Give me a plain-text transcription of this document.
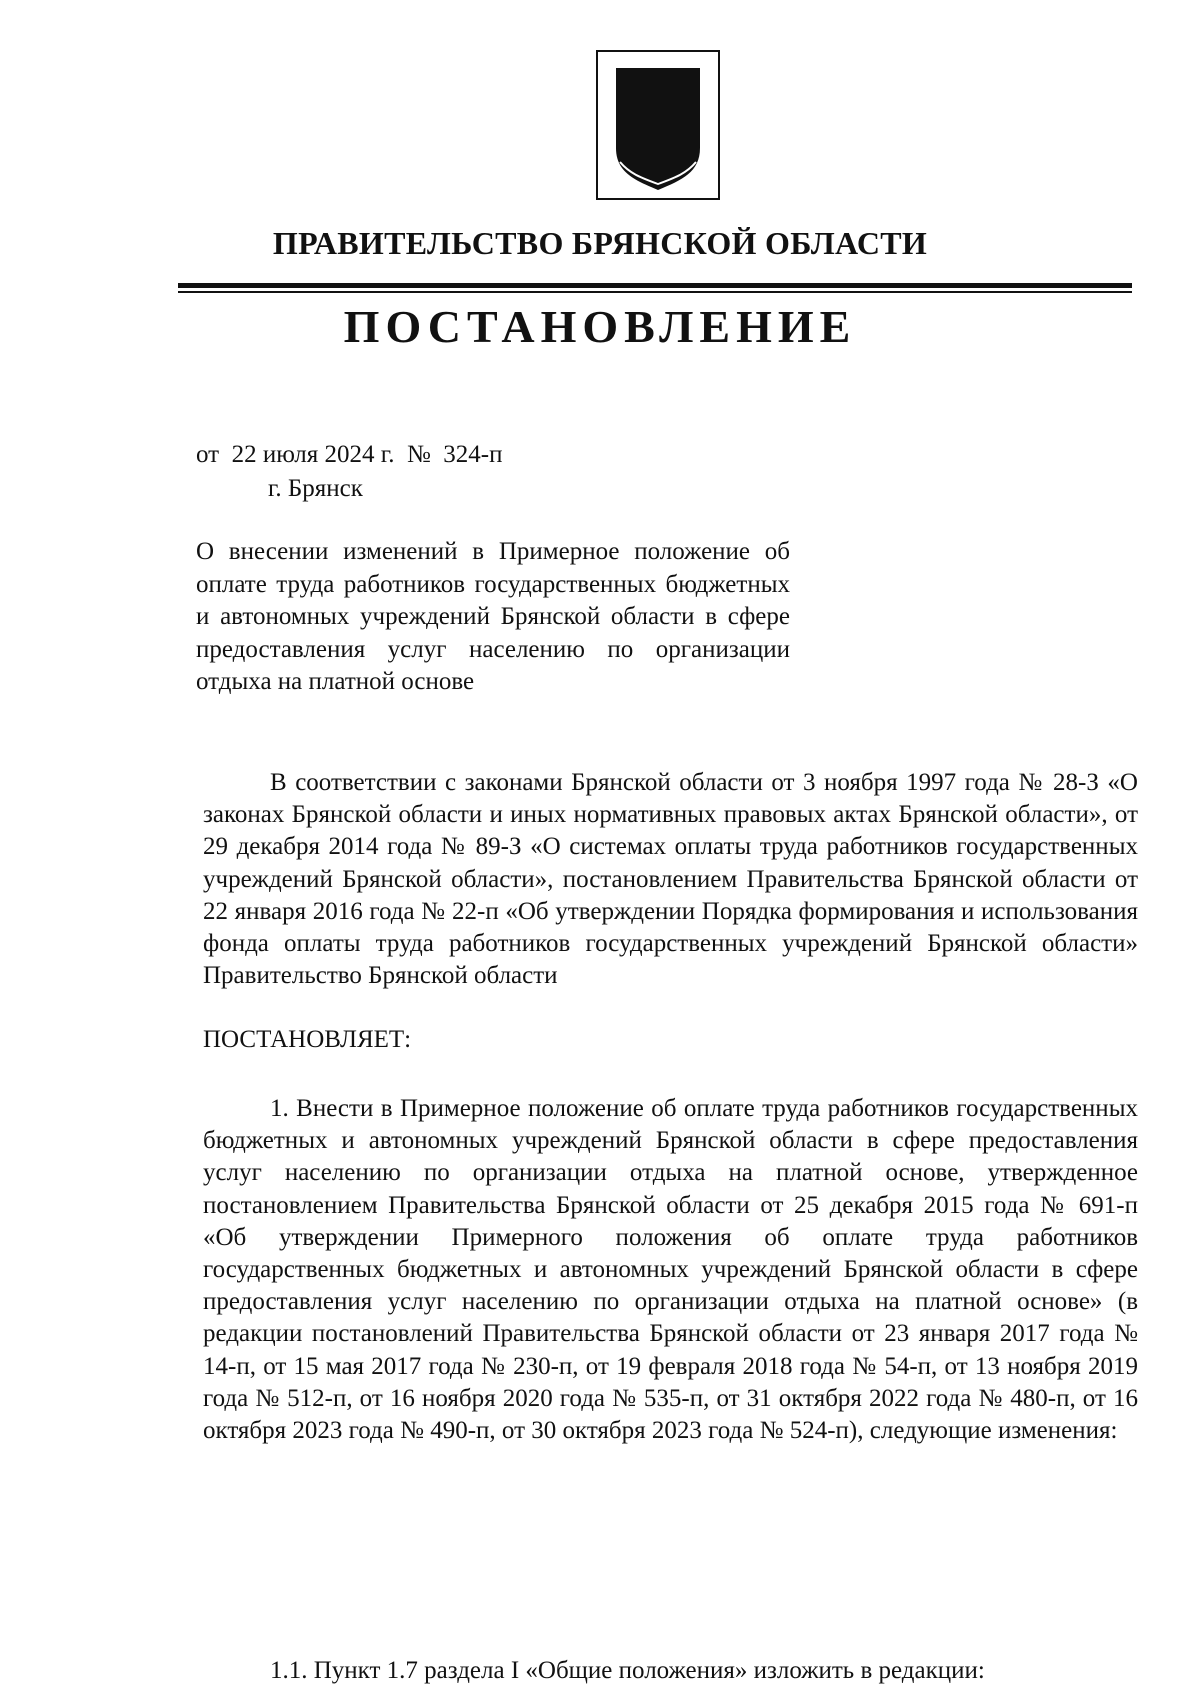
ПРАВИТЕЛЬСТВО БРЯНСКОЙ ОБЛАСТИ
ПОСТАНОВЛЕНИЕ
от  22 июля 2024 г.  №  324-п
г. Брянск
О внесении изменений в Примерное положение об оплате труда работников государственных бюджетных и автономных учреждений Брянской области в сфере предоставления услуг населению по организации отдыха на платной основе
В соответствии с законами Брянской области от 3 ноября 1997 года № 28-З «О законах Брянской области и иных нормативных правовых актах Брянской области», от 29 декабря 2014 года № 89-З «О системах оплаты труда работников государственных учреждений Брянской области», постановлением Правительства Брянской области от 22 января 2016 года № 22-п «Об утверждении Порядка формирования и использования фонда оплаты труда работников государственных учреждений Брянской области» Правительство Брянской области
ПОСТАНОВЛЯЕТ:
1. Внести в Примерное положение об оплате труда работников государственных бюджетных и автономных учреждений Брянской области в сфере предоставления услуг населению по организации отдыха на платной основе, утвержденное постановлением Правительства Брянской области от 25 декабря 2015 года № 691-п «Об утверждении Примерного положения об оплате труда работников государственных бюджетных и автономных учреждений Брянской области в сфере предоставления услуг населению по организации отдыха на платной основе» (в редакции постановлений Правительства Брянской области от 23 января 2017 года № 14-п, от 15 мая 2017 года № 230-п, от 19 февраля 2018 года № 54-п, от 13 ноября 2019 года № 512-п, от 16 ноября 2020 года № 535-п, от 31 октября 2022 года № 480-п, от 16 октября 2023 года № 490-п, от 30 октября 2023 года № 524-п), следующие изменения:
1.1. Пункт 1.7 раздела I «Общие положения» изложить в редакции:
